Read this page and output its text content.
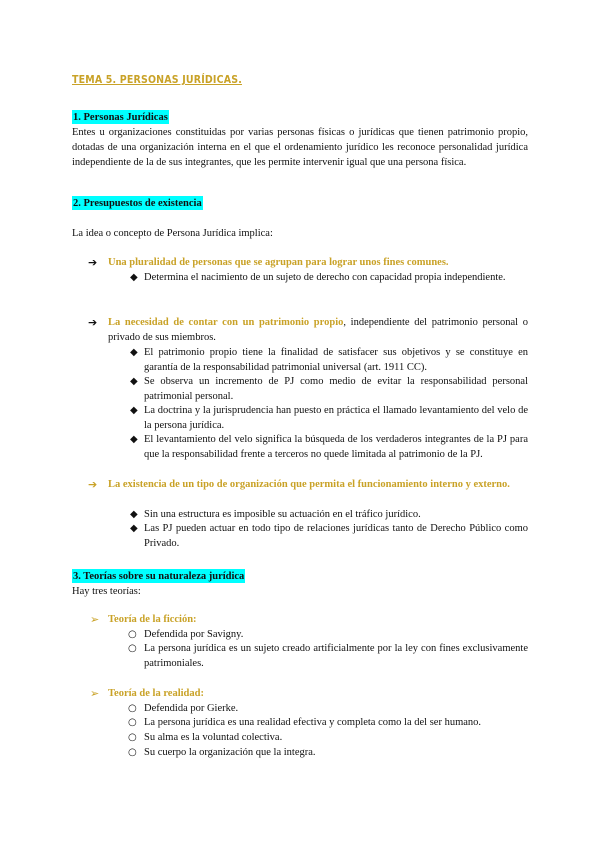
TEMA 5. PERSONAS JURÍDICAS.
1. Personas Jurídicas

Entes u organizaciones constituidas por varias personas físicas o jurídicas que tienen patrimonio propio, dotadas de una organización interna en el que el ordenamiento jurídico les reconoce personalidad jurídica independiente de la de sus integrantes, que les permite intervenir igual que una persona física.

2. Presupuestos de existencia

La idea o concepto de Persona Jurídica implica:

➔ Una pluralidad de personas que se agrupan para lograr unos fines comunes.

◆ Determina el nacimiento de un sujeto de derecho con capacidad propia independiente.

➔ La necesidad de contar con un patrimonio propio, independiente del patrimonio personal o privado de sus miembros.

◆ El patrimonio propio tiene la finalidad de satisfacer sus objetivos y se constituye en garantía de la responsabilidad patrimonial universal (art. 1911 CC).

◆ Se observa un incremento de PJ como medio de evitar la responsabilidad personal patrimonial personal.

◆ La doctrina y la jurisprudencia han puesto en práctica el llamado levantamiento del velo de la persona jurídica.

◆ El levantamiento del velo significa la búsqueda de los verdaderos integrantes de la PJ para que la responsabilidad frente a terceros no quede limitada al patrimonio de la PJ.

➔ La existencia de un tipo de organización que permita el funcionamiento interno y externo.

◆ Sin una estructura es imposible su actuación en el tráfico jurídico.

◆ Las PJ pueden actuar en todo tipo de relaciones jurídicas tanto de Derecho Público como Privado.

3. Teorías sobre su naturaleza jurídica

Hay tres teorías:

➢ Teoría de la ficción:

○ Defendida por Savigny.

○ La persona jurídica es un sujeto creado artificialmente por la ley con fines exclusivamente patrimoniales.

➢ Teoría de la realidad:

○ Defendida por Gierke.

○ La persona jurídica es una realidad efectiva y completa como la del ser humano.

○ Su alma es la voluntad colectiva.

○ Su cuerpo la organización que la integra.
